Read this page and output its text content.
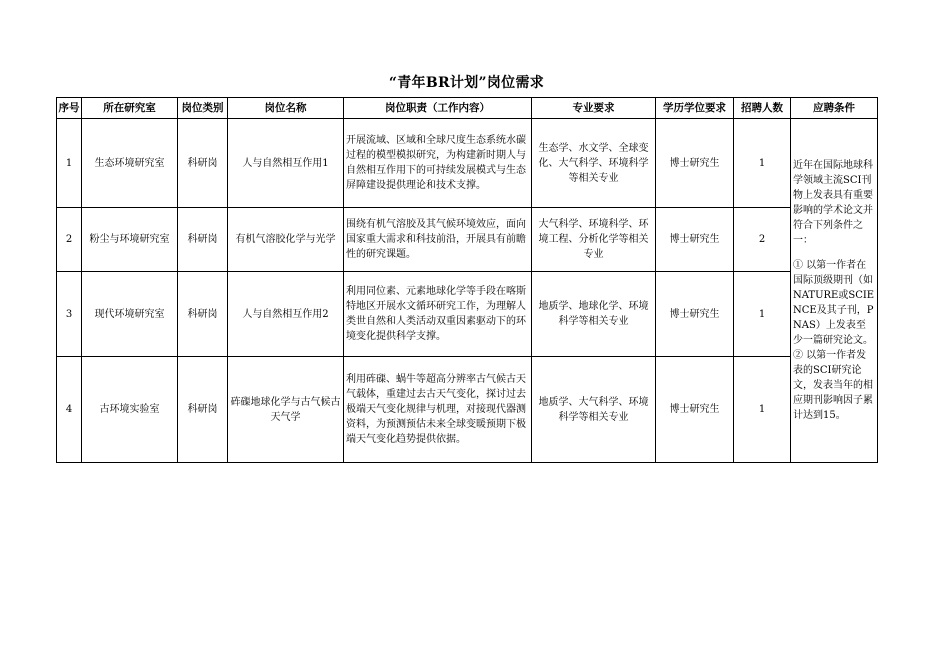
“青年BR计划”岗位需求
序号	所在研究室	岗位类别	岗位名称	岗位职责（工作内容）	专业要求	学历学位要求	招聘人数	应聘条件
1	生态环境研究室	科研岗	人与自然相互作用1	开展流域、区域和全球尺度生态系统水碳过程的模型模拟研究，为构建新时期人与自然相互作用下的可持续发展模式与生态屏障建设提供理论和技术支撑。	生态学、水文学、全球变化、大气科学、环境科学等相关专业	博士研究生	1	近年在国际地球科学领域主流SCI刊物上发表具有重要影响的学术论文并符合下列条件之一：
① 以第一作者在国际顶级期刊（如NATURE或SCIENCE及其子刊，PNAS）上发表至少一篇研究论文。
② 以第一作者发表的SCI研究论文，发表当年的相应期刊影响因子累计达到15。

2	粉尘与环境研究室	科研岗	有机气溶胶化学与光学	围绕有机气溶胶及其气候环境效应，面向国家重大需求和科技前沿，开展具有前瞻性的研究课题。	大气科学、环境科学、环境工程、分析化学等相关专业	博士研究生	2	
3	现代环境研究室	科研岗	人与自然相互作用2	利用同位素、元素地球化学等手段在喀斯特地区开展水文循环研究工作，为理解人类世自然和人类活动双重因素驱动下的环境变化提供科学支撑。	地质学、地球化学、环境科学等相关专业	博士研究生	1	
4	古环境实验室	科研岗	砗磲地球化学与古气候古天气学	利用砗磲、蜗牛等超高分辨率古气候古天气载体，重建过去古天气变化，探讨过去极端天气变化规律与机理，对接现代器测资料，为预测预估未来全球变暖预期下极端天气变化趋势提供依据。	地质学、大气科学、环境科学等相关专业	博士研究生	1	
